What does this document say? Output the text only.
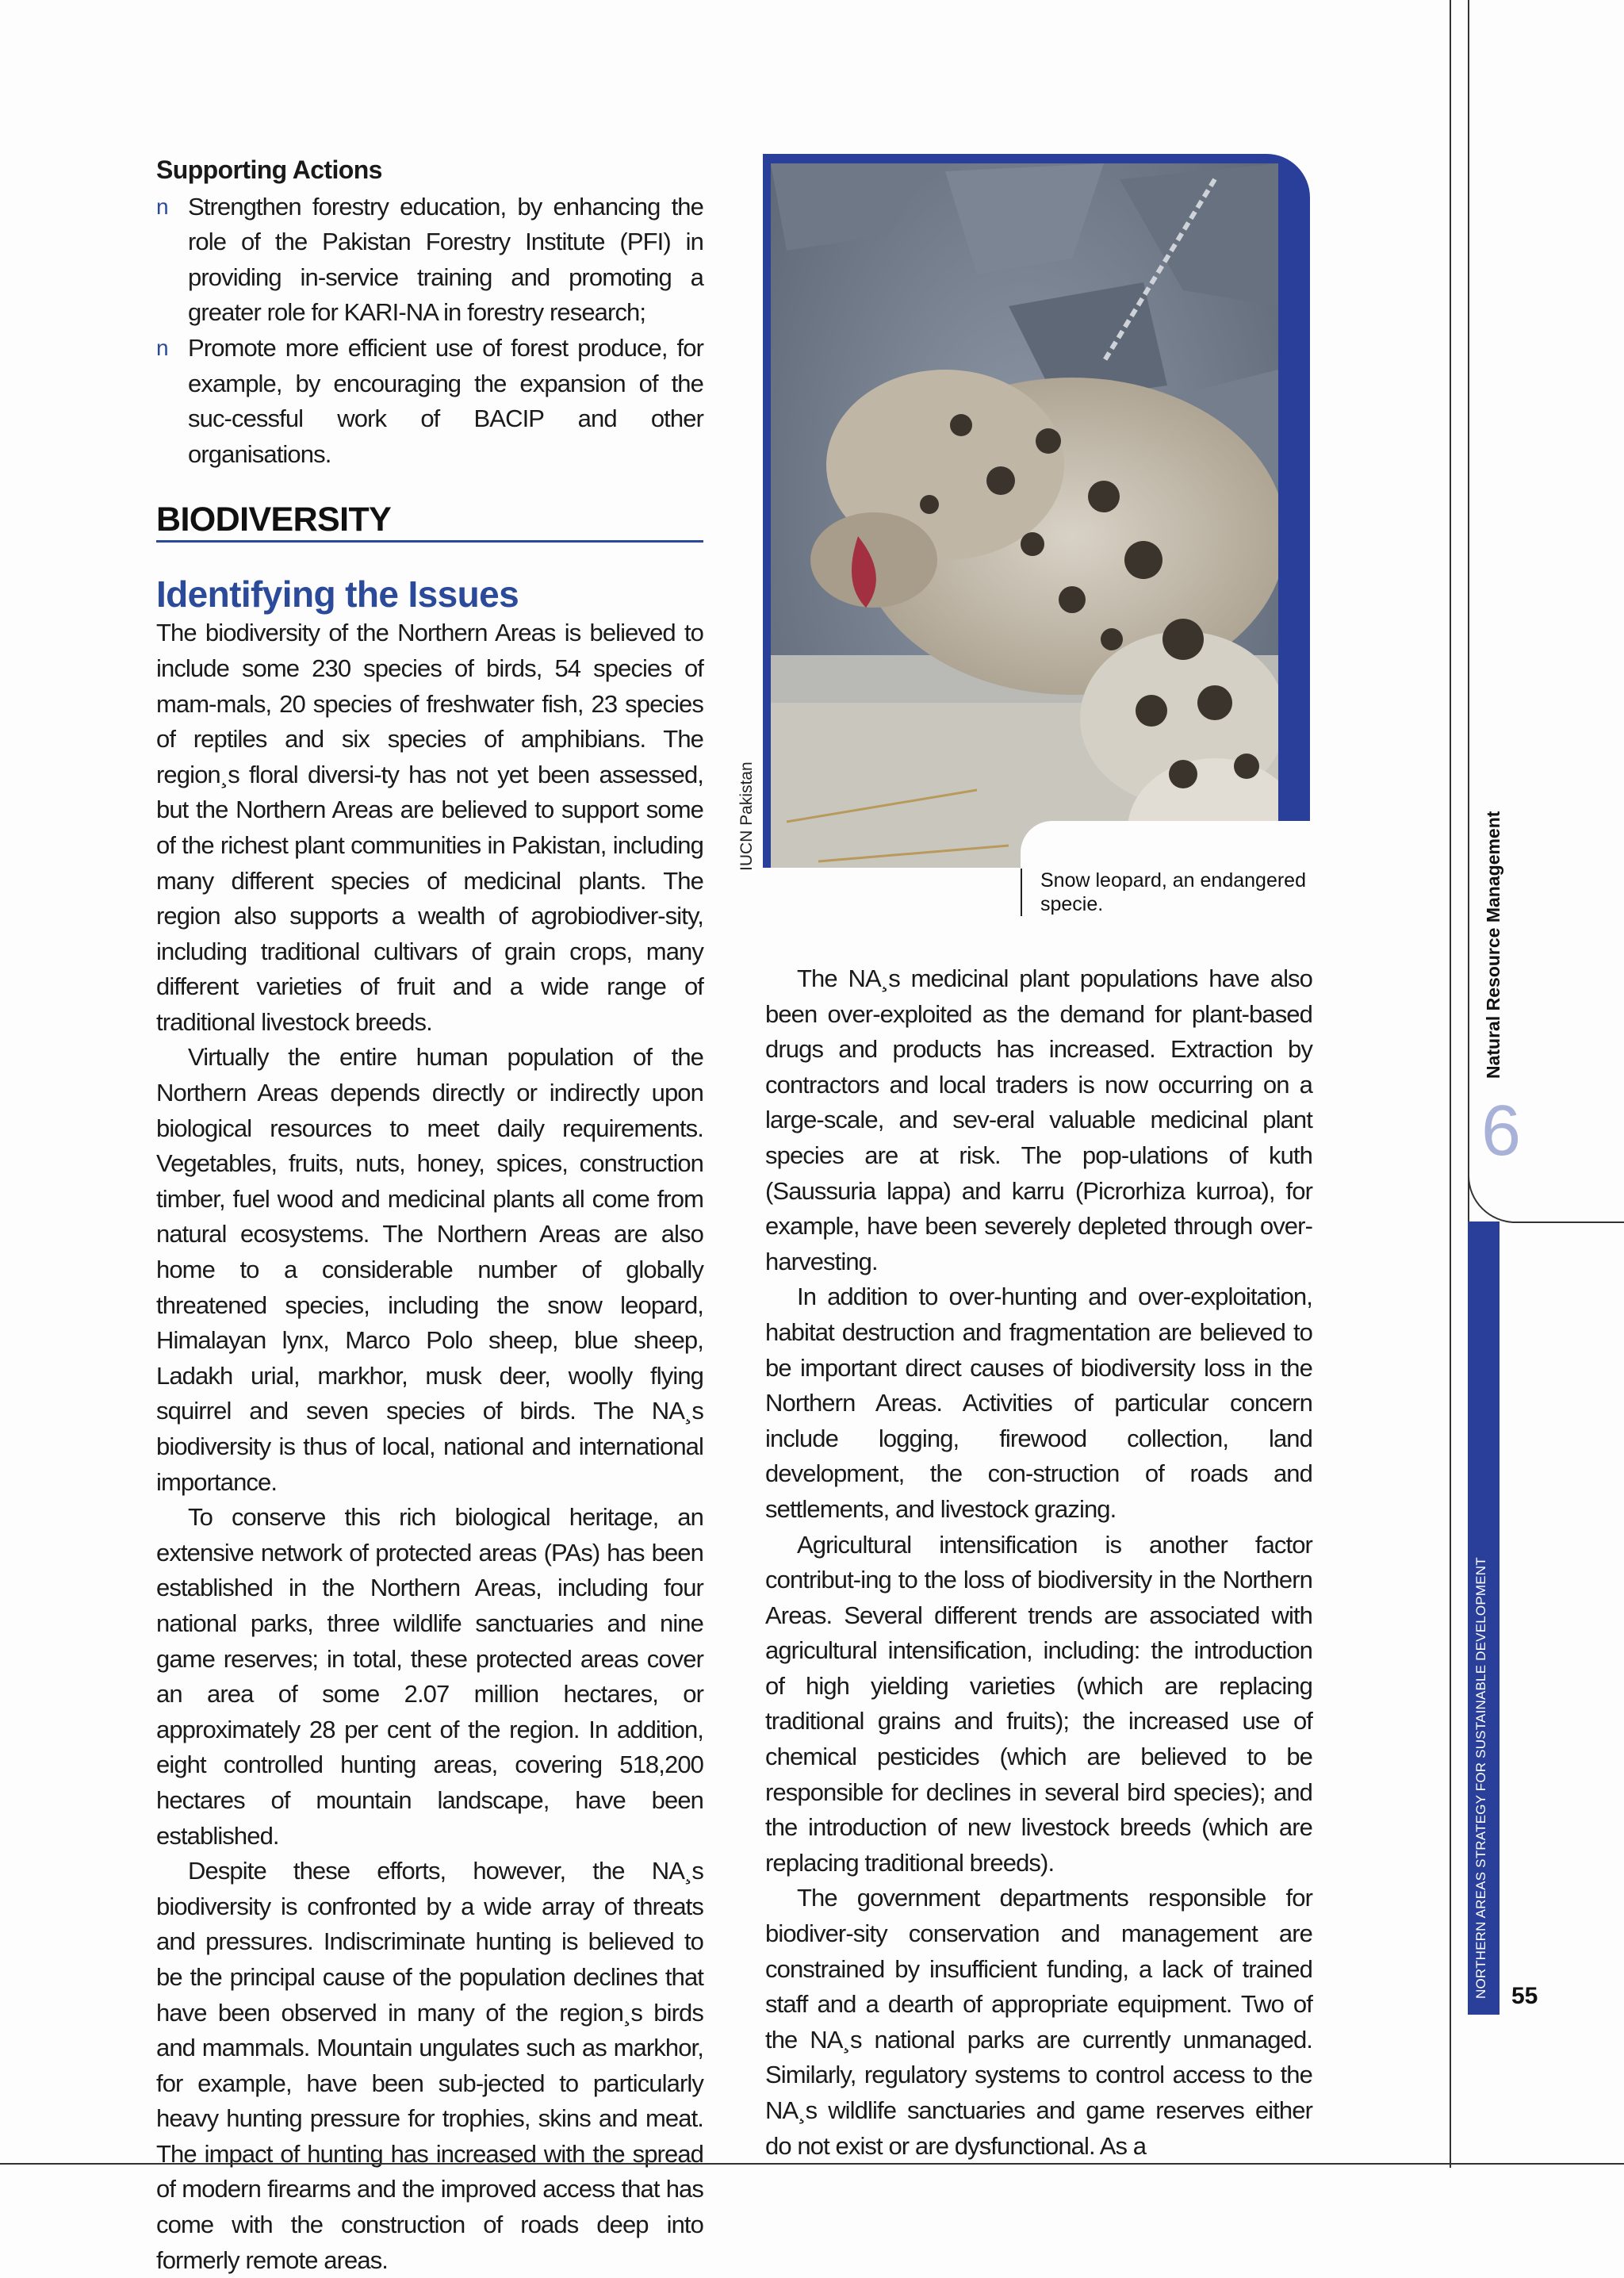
Supporting Actions
n Strengthen forestry education, by enhancing the role of the Pakistan Forestry Institute (PFI) in providing in-service training and promoting a greater role for KARI-NA in forestry research;
n Promote more efficient use of forest produce, for example, by encouraging the expansion of the suc-cessful work of BACIP and other organisations.
BIODIVERSITY
Identifying the Issues

The biodiversity of the Northern Areas is believed to include some 230 species of birds, 54 species of mam-mals, 20 species of freshwater fish, 23 species of reptiles and six species of amphibians. The region¸s floral diversi-ty has not yet been assessed, but the Northern Areas are believed to support some of the richest plant communities in Pakistan, including many different species of medicinal plants. The region also supports a wealth of agrobiodiver-sity, including traditional cultivars of grain crops, many different varieties of fruit and a wide range of traditional livestock breeds.

Virtually the entire human population of the Northern Areas depends directly or indirectly upon biological resources to meet daily requirements. Vegetables, fruits, nuts, honey, spices, construction timber, fuel wood and medicinal plants all come from natural ecosystems. The Northern Areas are also home to a considerable number of globally threatened species, including the snow leopard, Himalayan lynx, Marco Polo sheep, blue sheep, Ladakh urial, markhor, musk deer, woolly flying squirrel and seven species of birds. The NA¸s biodiversity is thus of local, national and international importance.

To conserve this rich biological heritage, an extensive network of protected areas (PAs) has been established in the Northern Areas, including four national parks, three wildlife sanctuaries and nine game reserves; in total, these protected areas cover an area of some 2.07 million hectares, or approximately 28 per cent of the region. In addition, eight controlled hunting areas, covering 518,200 hectares of mountain landscape, have been established.

Despite these efforts, however, the NA¸s biodiversity is confronted by a wide array of threats and pressures. Indiscriminate hunting is believed to be the principal cause of the population declines that have been observed in many of the region¸s birds and mammals. Mountain ungulates such as markhor, for example, have been sub-jected to particularly heavy hunting pressure for trophies, skins and meat. The impact of hunting has increased with the spread of modern firearms and the improved access that has come with the construction of roads deep into formerly remote areas.

IUCN Pakistan
Snow leopard, an endangered specie.

The NA¸s medicinal plant populations have also been over-exploited as the demand for plant-based drugs and products has increased. Extraction by contractors and local traders is now occurring on a large-scale, and sev-eral valuable medicinal plant species are at risk. The pop-ulations of kuth (Saussuria lappa) and karru (Picrorhiza kurroa), for example, have been severely depleted through over-harvesting.

In addition to over-hunting and over-exploitation, habitat destruction and fragmentation are believed to be important direct causes of biodiversity loss in the Northern Areas. Activities of particular concern include logging, firewood collection, land development, the con-struction of roads and settlements, and livestock grazing.

Agricultural intensification is another factor contribut-ing to the loss of biodiversity in the Northern Areas. Several different trends are associated with agricultural intensification, including: the introduction of high yielding varieties (which are replacing traditional grains and fruits); the increased use of chemical pesticides (which are believed to be responsible for declines in several bird species); and the introduction of new livestock breeds (which are replacing traditional breeds).

The government departments responsible for biodiver-sity conservation and management are constrained by insufficient funding, a lack of trained staff and a dearth of appropriate equipment. Two of the NA¸s national parks are currently unmanaged. Similarly, regulatory systems to control access to the NA¸s wildlife sanctuaries and game reserves either do not exist or are dysfunctional. As a

6
Natural Resource Management
NORTHERN AREAS STRATEGY FOR SUSTAINABLE DEVELOPMENT 55
